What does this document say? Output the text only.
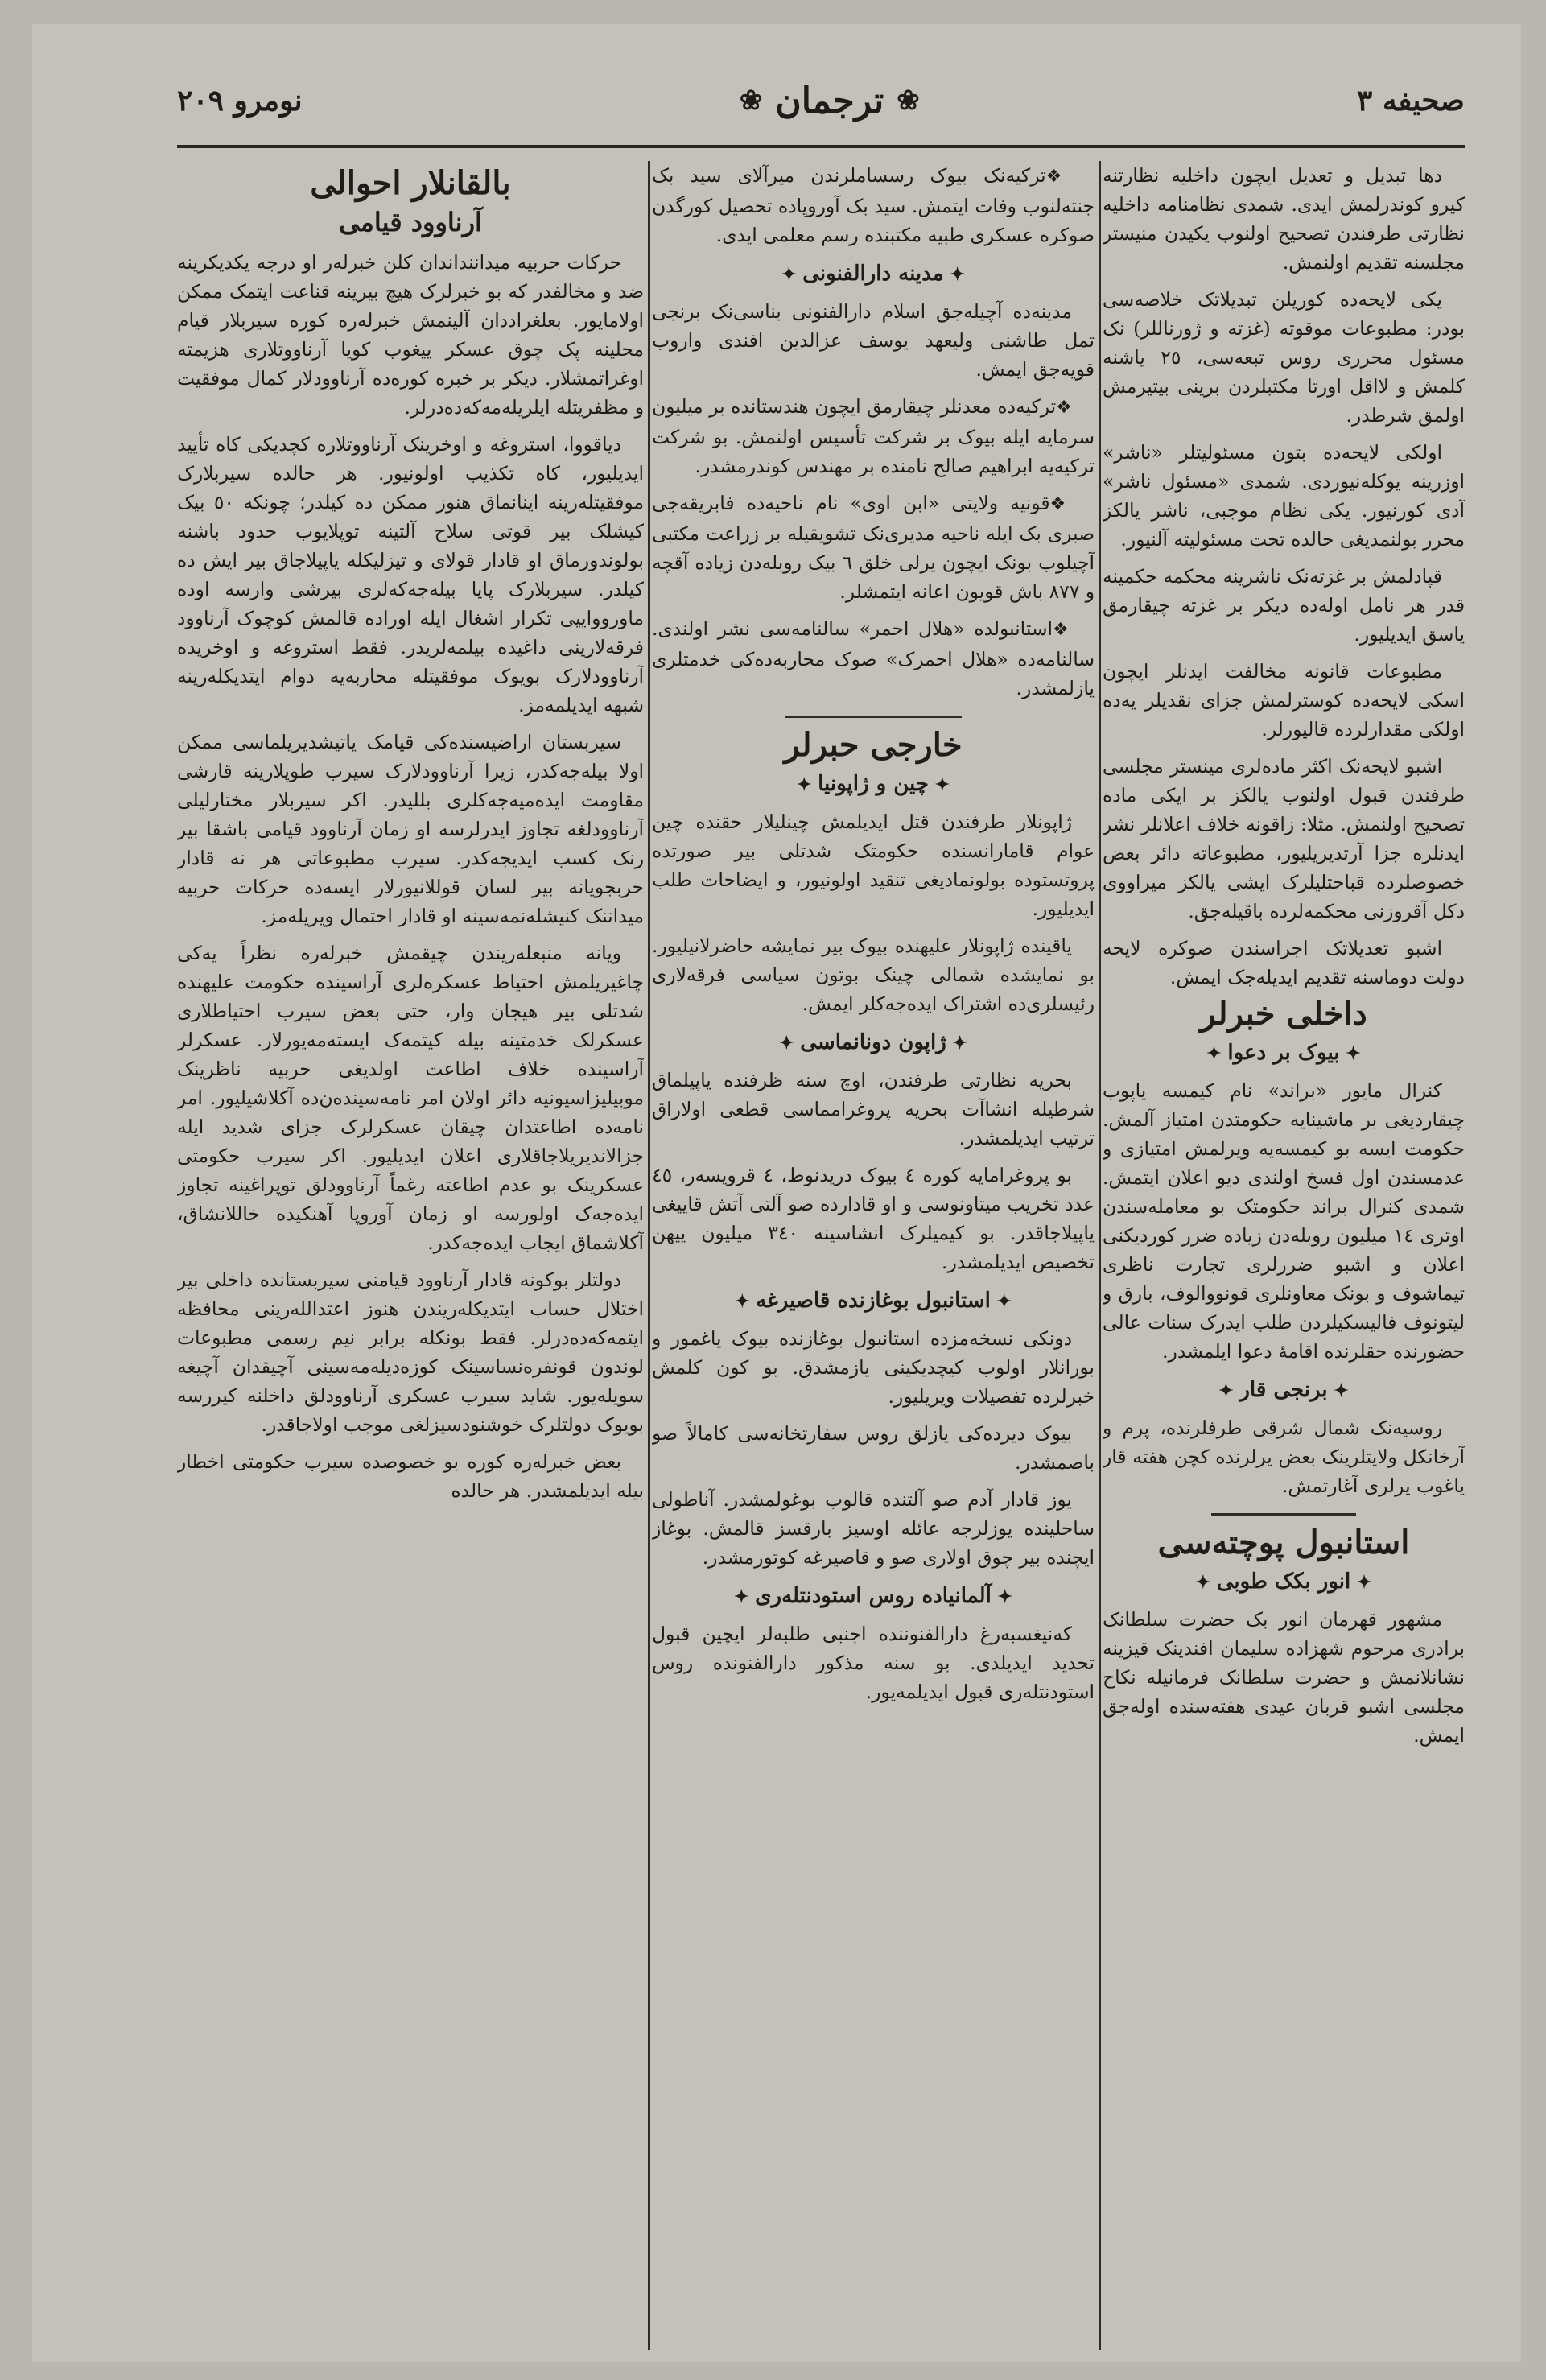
صحيفه ٣
❀
ترجمان
❀
نومرو ٢٠٩

دها تبدیل و تعدیل ایچون داخلیه نظارتنه کیرو کوندرلمش ایدی. شمدی نظامنامه داخلیه نظارتی طرفندن تصحیح اولنوب یکیدن منیستر مجلسنه تقدیم اولنمش.

یکی لایحه‌ده کوریلن تبدیلاتک خلاصه‌سی بودر: مطبوعات موقوته (غزته و ژورناللر) نک مسئول محرری روس تبعه‌سی، ٢٥ یاشنه کلمش و لااقل اورتا مکتبلردن برینی بیتیرمش اولمق شرطدر.

اولکی لایحه‌ده بتون مسئولیتلر «ناشر» اوزرینه یوکله‌نیوردی. شمدی «مسئول ناشر» آدی کورنیور. یکی نظام موجبی، ناشر یالکز محرر بولنمدیغی حالده تحت مسئولیته آلنیور.

قپادلمش بر غزته‌نک ناشرینه محکمه حکمینه قدر هر نامل اوله‌ده دیکر بر غزته چیقارمق یاسق ایدیلیور.

مطبوعات قانونه مخالفت ایدنلر ایچون اسکی لایحه‌ده کوسترلمش جزای نقدیلر یه‌ده اولکی مقدارلرده قالیورلر.

اشبو لایحه‌نک اکثر ماده‌لری مینستر مجلسی طرفندن قبول اولنوب یالکز بر ایکی ماده تصحیح اولنمش. مثلا: زاقونه خلاف اعلانلر نشر ایدنلره جزا آرتدیریلیور، مطبوعاته دائر بعض خصوصلرده قباحتلیلرک ایشی یالکز میراووی دکل آقروزنی محکمه‌لرده باقیله‌جق.

اشبو تعدیلاتک اجراسندن صوکره لایحه دولت دوماسنه تقدیم ایدیله‌جک ایمش.

داخلی خبرلر
✦ بیوک بر دعوا ✦

کنرال مایور «براند» نام کیمسه یاپوب چیقاردیغی بر ماشینایه حکومتدن امتیاز آلمش. حکومت ایسه بو کیمسه‌یه ویرلمش امتیازی و عدمسندن اول فسخ اولندی دیو اعلان ایتمش. شمدی کنرال براند حکومتک بو معامله‌سندن اوتری ١٤ میلیون روبله‌دن زیاده ضرر کوردیکنی اعلان و اشبو ضررلری تجارت ناظری تیماشوف و بونک معاونلری قونووالوف، بارق و لیتونوف فالیسکیلردن طلب ایدرک سنات عالی حضورنده حقلرنده اقامهٔ دعوا ایلمشدر.

✦ برنجی قار ✦

روسیه‌نک شمال شرقی طرفلرنده، پرم و آرخانکل ولایتلرینک بعض یرلرنده کچن هفته قار یاغوب یرلری آغارتمش.

استانبول پوچته‌سی
✦ انور بکک طوبی ✦

مشهور قهرمان انور بک حضرت سلطانک برادری مرحوم شهزاده سلیمان افندینک قیزینه نشانلانمش و حضرت سلطانک فرمانیله نکاح مجلسی اشبو قربان عیدی هفته‌سنده اوله‌جق ایمش.

❖ ترکیه‌نک بیوک رسساملرندن میرآلای سید بک جنته‌لنوب وفات ایتمش. سید بک آوروپاده تحصیل کورگدن صوکره عسکری طبیه مکتبنده رسم معلمی ایدی.

✦ مدینه دارالفنونی ✦

مدینه‌ده آچیله‌جق اسلام دارالفنونی بناسی‌نک برنجی تمل طاشنی ولیعهد یوسف عزالدین افندی واروب قویه‌جق ایمش.

❖ ترکیه‌ده معدنلر چیقارمق ایچون هندستانده بر میلیون سرمایه ایله بیوک بر شرکت تأسیس اولنمش. بو شرکت ترکیه‌یه ابراهیم صالح نامنده بر مهندس کوندرمشدر.

❖ قونیه ولایتی «ابن اوی» نام ناحیه‌ده فابریقه‌جی صبری بک ایله ناحیه مدیری‌نک تشویقیله بر زراعت مکتبی آچیلوب بونک ایچون یرلی خلق ٦ بیک روبله‌دن زیاده آقچه و ٨٧٧ باش قویون اعانه ایتمشلر.

❖ استانبولده «هلال احمر» سالنامه‌سی نشر اولندی. سالنامه‌ده «هلال احمرک» صوک محاربه‌ده‌کی خدمتلری یازلمشدر.

خارجی حبرلر
✦ چین و ژاپونیا ✦

ژاپونلار طرفندن قتل ایدیلمش چینلیلار حقنده چین عوام قامارانسنده حکومتک شدتلی بیر صورتده پروتستوده بولونمادیغی تنقید اولونیور، و ایضاحات طلب ایدیلیور.

یاقینده ژاپونلار علیهنده بیوک بیر نمایشه حاضرلانیلیور. بو نمایشده شمالی چینک بوتون سیاسی فرقه‌لاری رئیسلری‌ده اشتراک ایده‌جه‌کلر ایمش.

✦ ژاپون دونانماسی ✦

بحریه نظارتی طرفندن، اوچ سنه ظرفنده یاپیلماق شرطیله انشاآت بحریه پروغرامماسی قطعی اولاراق ترتیب ایدیلمشدر.

بو پروغرامایه کوره ٤ بیوک دریدنوط، ٤ قرویسه‌ر، ٤٥ عدد تخریب میتاونوسی و او قادارده صو آلتی آتش قاییغی یاپیلاجاقدر. بو کیمیلرک انشاسینه ٣٤٠ میلیون ییهن تخصیص ایدیلمشدر.

✦ استانبول بوغازنده قاصیرغه ✦

دونکی نسخه‌مزده استانبول بوغازنده بیوک یاغمور و بورانلار اولوب کیچدیکینی یازمشدق. بو کون کلمش خبرلرده تفصیلات ویریلیور.

بیوک دیرده‌کی یازلق روس سفارتخانه‌سی کامالاً صو باصمشدر.

یوز قادار آدم صو آلتنده قالوب بوغولمشدر. آناطولی ساحلینده یوزلرجه عائله اوسیز بارقسز قالمش. بوغاز ایچنده بیر چوق اولاری صو و قاصیرغه کوتورمشدر.

✦ آلمانیاده روس استودنتله‌ری ✦

که‌نیغسبه‌رغ دارالفنوننده اجنبی طلبه‌لر ایچین قبول تحدید ایدیلدی. بو سنه مذکور دارالفنونده روس استودنتله‌ری قبول ایدیلمه‌یور.

بالقانلار احوالی
آرناوود قیامی

حرکات حربیه میداننداندان کلن خبرله‌ر او درجه یکدیکرینه ضد و مخالفدر که بو خبرلرک هیچ بیرینه قناعت ایتمک ممکن اولامایور. بعلغراددان آلینمش خبرله‌ره کوره سیربلار قیام محلینه پک چوق عسکر ییغوب کویا آرناووتلاری هزیمته اوغراتمشلار. دیکر بر خبره کوره‌ده آرناوودلار کمال موفقیت و مظفریتله ایلریله‌مه‌که‌ده‌درلر.

دیاقووا، استروغه و اوخرینک آرناووتلاره کچدیکی کاه تأیید ایدیلیور، کاه تکذیب اولونیور. هر حالده سیربلارک موفقیتله‌رینه اینانماق هنوز ممکن ده کیلدر؛ چونکه ٥٠ بیک کیشلک بیر قوتی سلاح آلتینه توپلایوب حدود باشنه بولوندورماق او قادار قولای و تیزلیکله یاپیلاجاق بیر ایش ده کیلدر. سیربلارک پایا بیله‌جه‌که‌لری بیرشی وارسه اوده ماوروواییی تکرار اشغال ایله اوراده قالمش کوچوک آرناوود فرقه‌لارینی داغیده بیلمه‌لریدر. فقط استروغه و اوخریده آرناوودلارک بویوک موفقیتله محاربه‌یه دوام ایتدیکله‌رینه شبهه ایدیلمه‌مز.

سیربستان اراضیسنده‌کی قیامک یاتیشدیریلماسی ممکن اولا بیله‌جه‌کدر، زیرا آرناوودلارک سیرب طوپلارینه قارشی مقاومت ایده‌میه‌جه‌کلری بللیدر. اکر سیربلار مختارلیلی آرناوودلغه تجاوز ایدرلرسه او زمان آرناوود قیامی باشقا بیر رنک کسب ایدیجه‌کدر. سیرب مطبوعاتی هر نه قادار حربجویانه بیر لسان قوللانیورلار ایسه‌ده حرکات حربیه میداننک کنیشله‌نمه‌سینه او قادار احتمال ویریله‌مز.

ویانه منبعله‌ریندن چیقمش خبرله‌ره نظراً یه‌کی چاغیریلمش احتیاط عسکره‌لری آراسینده حکومت علیهنده شدتلی بیر هیجان وار، حتی بعض سیرب احتیاطلاری عسکرلک خدمتینه بیله کیتمه‌ک ایسته‌مه‌یورلار. عسکرلر آراسینده خلاف اطاعت اولدیغی حربیه ناظرینک موبیلیزاسیونیه دائر اولان امر نامه‌سینده‌ن‌ده آکلاشیلیور. امر نامه‌ده اطاعتدان چیقان عسکرلرک جزای شدید ایله جزالاندیریلاجاقلاری اعلان ایدیلیور. اکر سیرب حکومتی عسکرینک بو عدم اطاعته رغماً آرناوودلق توپراغینه تجاوز ایده‌جه‌ک اولورسه او زمان آوروپا آهنکیده خاللانشاق، آکلاشماق ایجاب ایده‌جه‌کدر.

دولتلر بوکونه قادار آرناوود قیامنی سیربستانده داخلی بیر اختلال حساب ایتدیکله‌ریندن هنوز اعتدالله‌رینی محافظه ایتمه‌که‌ده‌درلر. فقط بونکله برابر نیم رسمی مطبوعات لوندون قونفره‌نساسینک کوزه‌دیله‌مه‌سینی آچیقدان آچیغه سویله‌یور. شاید سیرب عسکری آرناوودلق داخلنه کیررسه بویوک دولتلرک خوشنودسیزلغی موجب اولاجاقدر.

بعض خبرله‌ره کوره بو خصوصده سیرب حکومتی اخطار بیله ایدیلمشدر. هر حالده
